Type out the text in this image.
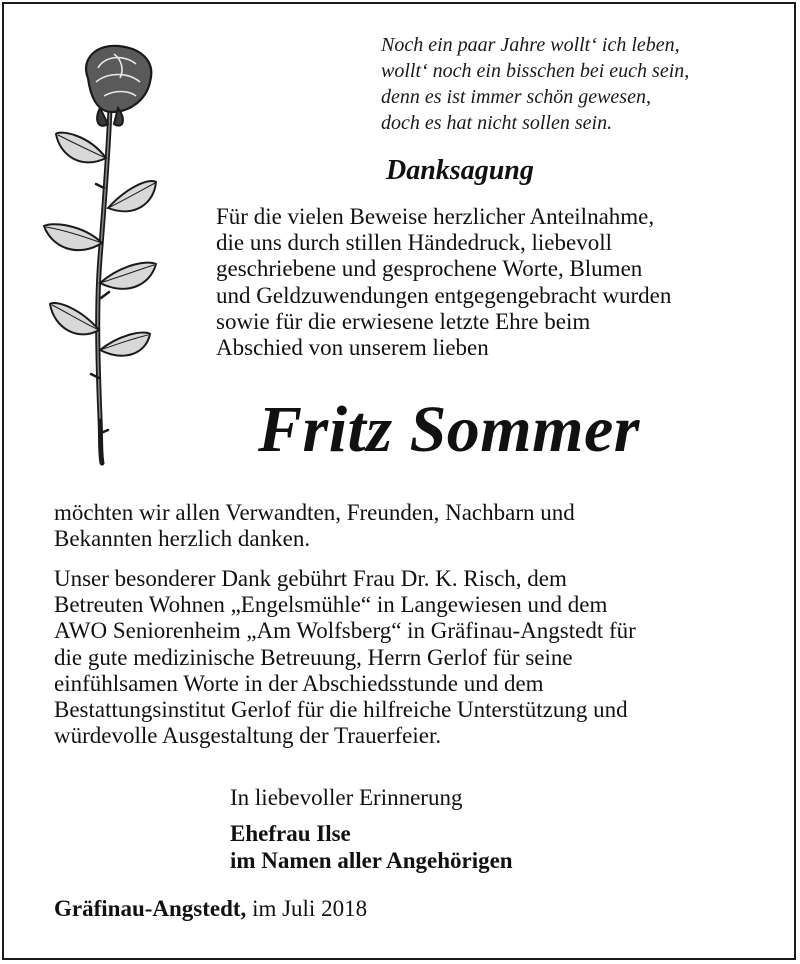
Noch ein paar Jahre wollt‘ ich leben,
wollt‘ noch ein bisschen bei euch sein,
denn es ist immer schön gewesen,
doch es hat nicht sollen sein.
Danksagung
Für die vielen Beweise herzlicher Anteilnahme,
die uns durch stillen Händedruck, liebevoll
geschriebene und gesprochene Worte, Blumen
und Geldzuwendungen entgegengebracht wurden
sowie für die erwiesene letzte Ehre beim
Abschied von unserem lieben
Fritz Sommer
möchten wir allen Verwandten, Freunden, Nachbarn und
Bekannten herzlich danken.
Unser besonderer Dank gebührt Frau Dr. K. Risch, dem
Betreuten Wohnen „Engelsmühle“ in Langewiesen und dem
AWO Seniorenheim „Am Wolfsberg“ in Gräfinau-Angstedt für
die gute medizinische Betreuung, Herrn Gerlof für seine
einfühlsamen Worte in der Abschiedsstunde und dem
Bestattungsinstitut Gerlof für die hilfreiche Unterstützung und
würdevolle Ausgestaltung der Trauerfeier.
In liebevoller Erinnerung
Ehefrau Ilse
im Namen aller Angehörigen
Gräfinau-Angstedt, im Juli 2018
